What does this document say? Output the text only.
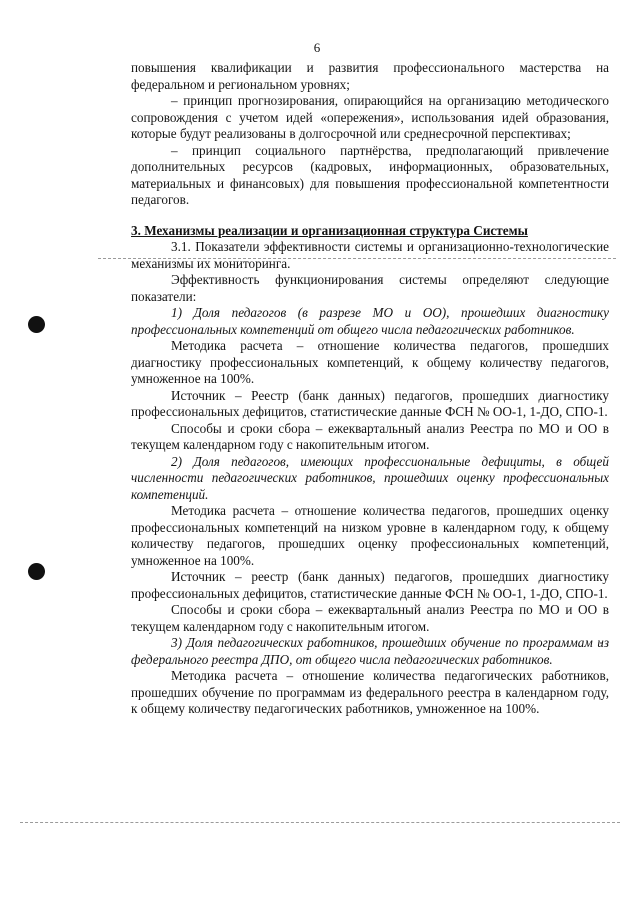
6

повышения квалификации и развития профессионального мастерства на федеральном и региональном уровнях;

– принцип прогнозирования, опирающийся на организацию методического сопровождения с учетом идей «опережения», использования идей образования, которые будут реализованы в долгосрочной или среднесрочной перспективах;

– принцип социального партнёрства, предполагающий привлечение дополнительных ресурсов (кадровых, информационных, образовательных, материальных и финансовых) для повышения профессиональной компетентности педагогов.

3. Механизмы реализации и организационная структура Системы

3.1. Показатели эффективности системы и организационно-технологические механизмы их мониторинга.

Эффективность функционирования системы определяют следующие показатели:

1) Доля педагогов (в разрезе МО и ОО), прошедших диагностику профессиональных компетенций от общего числа педагогических работников.

Методика расчета – отношение количества педагогов, прошедших диагностику профессиональных компетенций, к общему количеству педагогов, умноженное на 100%.

Источник – Реестр (банк данных) педагогов, прошедших диагностику профессиональных дефицитов, статистические данные ФСН № ОО-1, 1-ДО, СПО-1.

Способы и сроки сбора – ежеквартальный анализ Реестра по МО и ОО в текущем календарном году с накопительным итогом.

2) Доля педагогов, имеющих профессиональные дефициты, в общей численности педагогических работников, прошедших оценку профессиональных компетенций.

Методика расчета – отношение количества педагогов, прошедших оценку профессиональных компетенций на низком уровне в календарном году, к общему количеству педагогов, прошедших оценку профессиональных компетенций, умноженное на 100%.

Источник – реестр (банк данных) педагогов, прошедших диагностику профессиональных дефицитов, статистические данные ФСН № ОО-1, 1-ДО, СПО-1.

Способы и сроки сбора – ежеквартальный анализ Реестра по МО и ОО в текущем календарном году с накопительным итогом.

3) Доля педагогических работников, прошедших обучение по программам из федерального реестра ДПО, от общего числа педагогических работников.

Методика расчета – отношение количества педагогических работников, прошедших обучение по программам из федерального реестра в календарном году, к общему количеству педагогических работников, умноженное на 100%.
